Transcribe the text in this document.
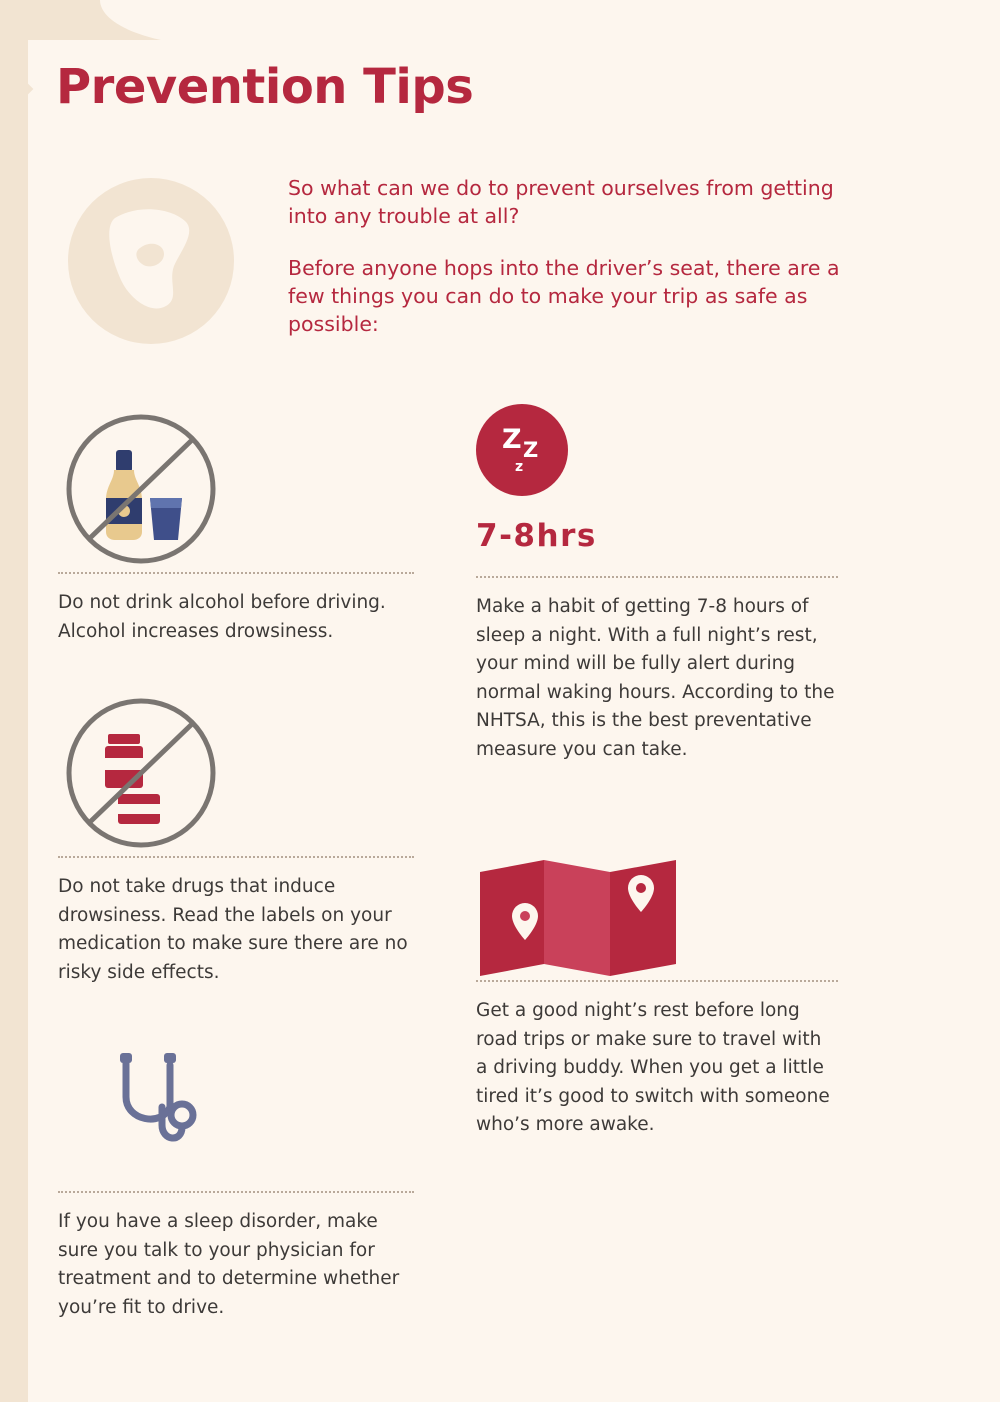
Prevention Tips

So what can we do to prevent ourselves from getting into any trouble at all?

Before anyone hops into the driver’s seat, there are a few things you can do to make your trip as safe as possible:

Do not drink alcohol before driving. Alcohol increases drowsiness.
Do not take drugs that induce drowsiness. Read the labels on your medication to make sure there are no risky side effects.
If you have a sleep disorder, make sure you talk to your physician for treatment and to determine whether you’re fit to drive.
Z Z
z
7-8hrs
Make a habit of getting 7-8 hours of sleep a night. With a full night’s rest, your mind will be fully alert during normal waking hours. According to the NHTSA, this is the best preventative measure you can take.
Get a good night’s rest before long road trips or make sure to travel with a driving buddy. When you get a little tired it’s good to switch with someone who’s more awake.
